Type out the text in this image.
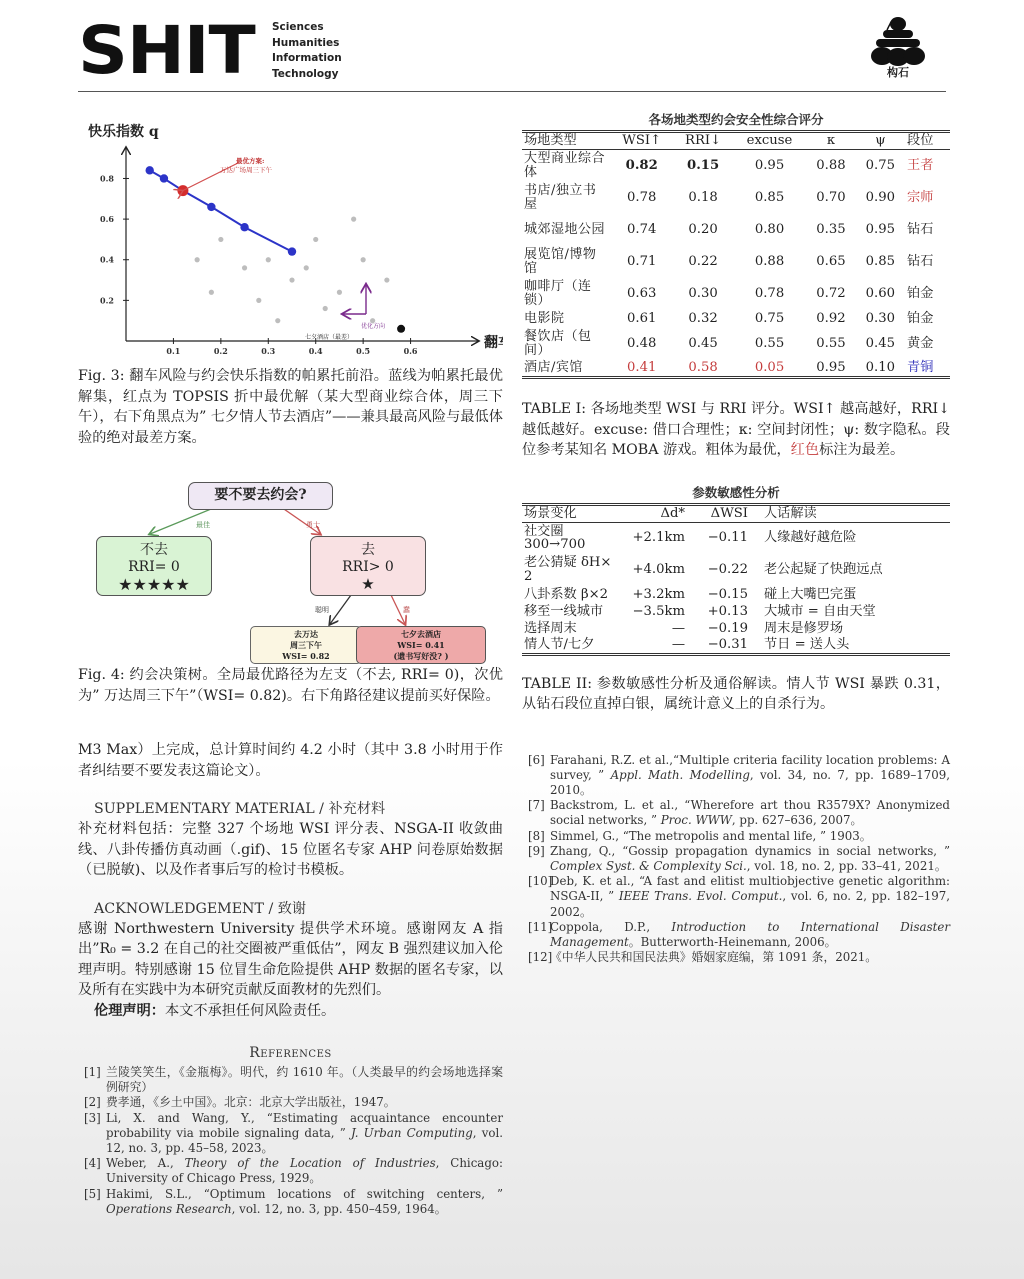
SHIT Sciences
Humanities
Information
Technology	构石
快乐指数 q
翻
0.2
0.4
0.6
0.8
0.1	0.2	0.3	0.4	0.5	0.6
最优方案:
万达广场周三下午
七夕酒店（最差）
优化方向
Fig. 3: 翻车风险与约会快乐指数的帕累托前沿。蓝线为帕累托最优解集，红点为 TOPSIS 折中最优解（某大型商业综合体，周三下午），右下角黑点为” 七夕情人节去酒店”——兼具最高风险与最低体验的绝对最差方案。
要不要去约会?
最佳	勇士
不去
RRI= 0
★★★★★
去
RRI> 0
★
聪明	蠢
去万达
周三下午
WSI= 0.82
七夕去酒店
WSI= 0.41
(遗书写好没? )
Fig. 4: 约会决策树。全局最优路径为左支（不去, RRI= 0)，次优为” 万达周三下午”（WSI= 0.82)。右下角路径建议提前买好保险。
M3 Max）上完成，总计算时间约 4.2 小时（其中 3.8 小时用于作者纠结要不要发表这篇论文）。
SUPPLEMENTARY MATERIAL / 补充材料
补充材料包括：完整 327 个场地 WSI 评分表、NSGA-II 收敛曲线、八卦传播仿真动画（.gif)、15 位匿名专家 AHP 问卷原始数据（已脱敏)、以及作者事后写的检讨书模板。
ACKNOWLEDGEMENT / 致谢
感谢 Northwestern University 提供学术环境。感谢网友 A 指出”R₀ = 3.2 在自己的社交圈被严重低估”，网友 B 强烈建议加入伦理声明。特别感谢 15 位冒生命危险提供 AHP 数据的匿名专家，以及所有在实践中为本研究贡献反面教材的先烈们。
伦理声明：本文不承担任何风险责任。
References
[1] 兰陵笑笑生，《金瓶梅》。明代，约 1610 年。（人类最早的约会场地选择案例研究）
[2] 费孝通，《乡土中国》。北京：北京大学出版社，1947。
[3] Li, X. and Wang, Y., “Estimating acquaintance encounter probability via mobile signaling data, ” J. Urban Computing, vol. 12, no. 3, pp. 45–58, 2023。
[4] Weber, A., Theory of the Location of Industries, Chicago: University of Chicago Press, 1929。
[5] Hakimi, S.L., “Optimum locations of switching centers, ” Operations Research, vol. 12, no. 3, pp. 450–459, 1964。
各场地类型约会安全性综合评分
场地类型	WSI↑	RRI↓	excuse	κ	ψ	段位
大型商业综合体	0.82	0.15	0.95	0.88	0.75	王者
书店/独立书屋	0.78	0.18	0.85	0.70	0.90	宗师
城郊湿地公园	0.74	0.20	0.80	0.35	0.95	钻石
展览馆/博物馆	0.71	0.22	0.88	0.65	0.85	钻石
咖啡厅（连锁）	0.63	0.30	0.78	0.72	0.60	铂金
电影院	0.61	0.32	0.75	0.92	0.30	铂金
餐饮店（包间）	0.48	0.45	0.55	0.55	0.45	黄金
酒店/宾馆	0.41	0.58	0.05	0.95	0.10	青铜
TABLE I: 各场地类型 WSI 与 RRI 评分。WSI↑ 越高越好，RRI↓ 越低越好。excuse: 借口合理性；κ: 空间封闭性；ψ: 数字隐私。段位参考某知名 MOBA 游戏。粗体为最优，红色标注为最差。
参数敏感性分析
场景变化	Δd*	ΔWSI	人话解读
社交圈 300→700	+2.1km	−0.11	人缘越好越危险
老公猜疑 δH× 2	+4.0km	−0.22	老公起疑了快跑远点
八卦系数 β×2	+3.2km	−0.15	碰上大嘴巴完蛋
移至一线城市	−3.5km	+0.13	大城市 = 自由天堂
选择周末	—	−0.19	周末是修罗场
情人节/七夕	—	−0.31	节日 = 送人头
TABLE II: 参数敏感性分析及通俗解读。情人节 WSI 暴跌 0.31，从钻石段位直掉白银，属统计意义上的自杀行为。
[6] Farahani, R.Z. et al.,“Multiple criteria facility location problems: A survey, ” Appl. Math. Modelling, vol. 34, no. 7, pp. 1689–1709, 2010。
[7] Backstrom, L. et al., “Wherefore art thou R3579X? Anonymized social networks, ” Proc. WWW, pp. 627–636, 2007。
[8] Simmel, G., “The metropolis and mental life, ” 1903。
[9] Zhang, Q., “Gossip propagation dynamics in social networks, ” Complex Syst. & Complexity Sci., vol. 18, no. 2, pp. 33–41, 2021。
[10]
Deb, K. et al., “A fast and elitist multiobjective genetic algorithm: NSGA-II, ” IEEE Trans. Evol. Comput., vol. 6, no. 2, pp. 182–197, 2002。
[11]
Coppola, D.P., Introduction to International Disaster Management。Butterworth-Heinemann, 2006。
[12]
《中华人民共和国民法典》婚姻家庭编，第 1091 条，2021。
